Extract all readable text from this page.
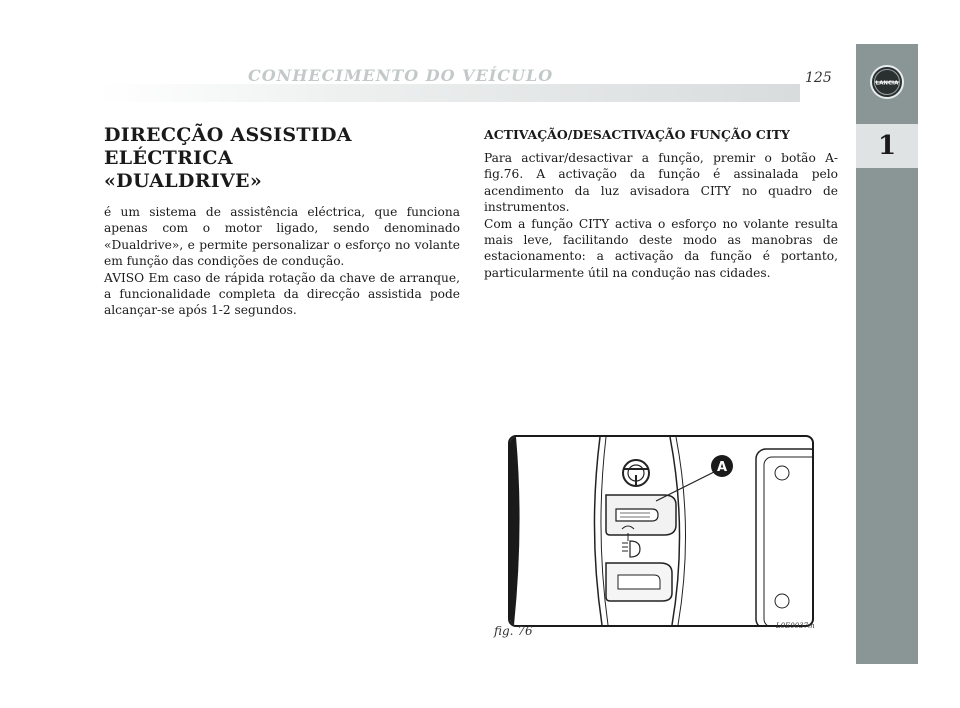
CONHECIMENTO DO VEÍCULO	125	LANCIA
1
DIRECÇÃO ASSISTIDA ELÉCTRICA
«DUALDRIVE»

é um sistema de assistência eléctrica, que funciona apenas com o motor ligado, sendo denominado «Dualdrive», e permite personalizar o esforço no volante em função das condições de condução.

AVISO Em caso de rápida rotação da chave de arranque, a funcionalidade completa da direcção assistida pode alcançar-se após 1-2 segundos.

ACTIVAÇÃO/DESACTIVAÇÃO FUNÇÃO CITY

Para activar/desactivar a função, premir o botão A-fig.76. A activação da função é assinalada pelo acendimento da luz avisadora CITY no quadro de instrumentos.

Com a função CITY activa o esforço no volante resulta mais leve, facilitando deste modo as manobras de estacionamento: a activação da função é portanto, particularmente útil na condução nas cidades.

A
fig. 76	L0E0037m
